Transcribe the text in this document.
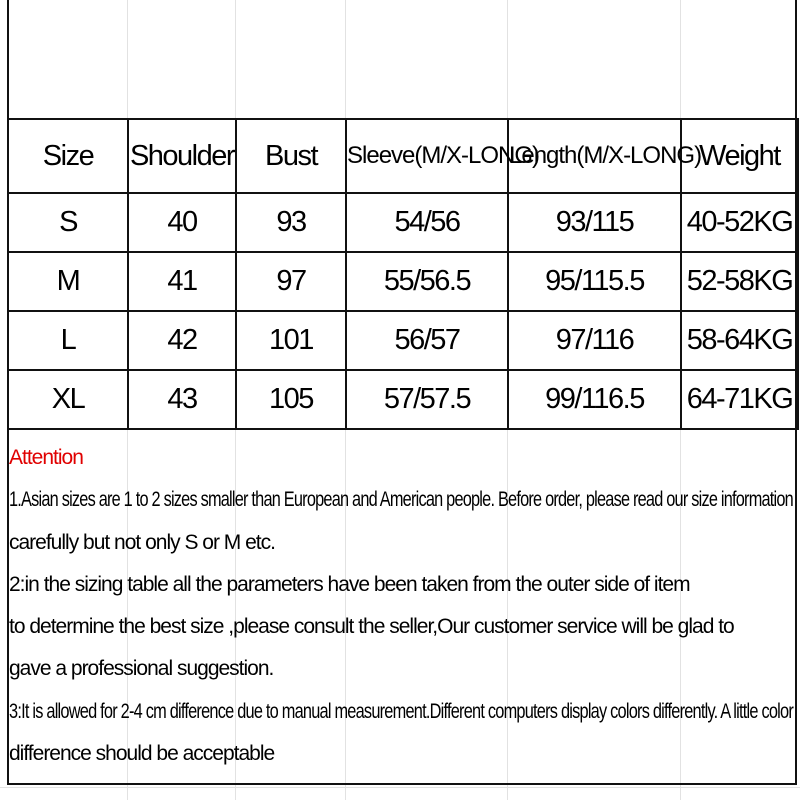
Size	Shoulder	Bust	Sleeve(M/X-LONG)	Length(M/X-LONG)	Weight
S	40	93	54/56	93/115	40-52KG
M	41	97	55/56.5	95/115.5	52-58KG
L	42	101	56/57	97/116	58-64KG
XL	43	105	57/57.5	99/116.5	64-71KG
Attention
1.Asian sizes are 1 to 2 sizes smaller than European and American people. Before order, please read our size information
carefully but not only S or M etc.
2:in the sizing table all the parameters have been taken from the outer side of item
to determine the best size ,please consult the seller,Our customer service will be glad to
gave a professional suggestion.
3:It is allowed for 2-4 cm difference due to manual measurement.Different computers display colors differently. A little color
difference should be acceptable
